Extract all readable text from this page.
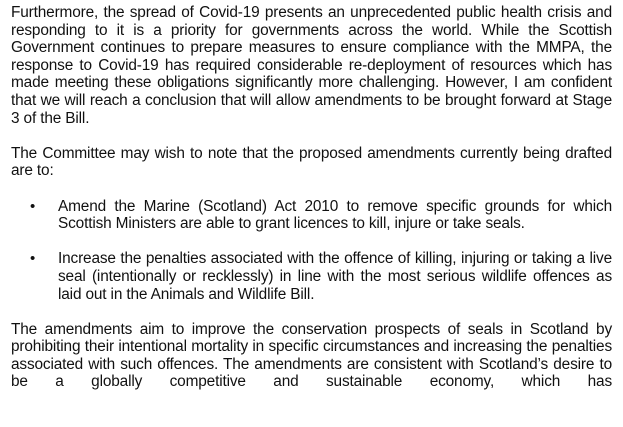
Furthermore, the spread of Covid-19 presents an unprecedented public health crisis and responding to it is a priority for governments across the world. While the Scottish Government continues to prepare measures to ensure compliance with the MMPA, the response to Covid-19 has required considerable re-deployment of resources which has made meeting these obligations significantly more challenging. However, I am confident that we will reach a conclusion that will allow amendments to be brought forward at Stage 3 of the Bill.

The Committee may wish to note that the proposed amendments currently being drafted are to:

• Amend the Marine (Scotland) Act 2010 to remove specific grounds for which Scottish Ministers are able to grant licences to kill, injure or take seals.
• Increase the penalties associated with the offence of killing, injuring or taking a live seal (intentionally or recklessly) in line with the most serious wildlife offences as laid out in the Animals and Wildlife Bill.

The amendments aim to improve the conservation prospects of seals in Scotland by prohibiting their intentional mortality in specific circumstances and increasing the penalties associated with such offences. The amendments are consistent with Scotland’s desire to be a globally competitive and sustainable economy, which has
